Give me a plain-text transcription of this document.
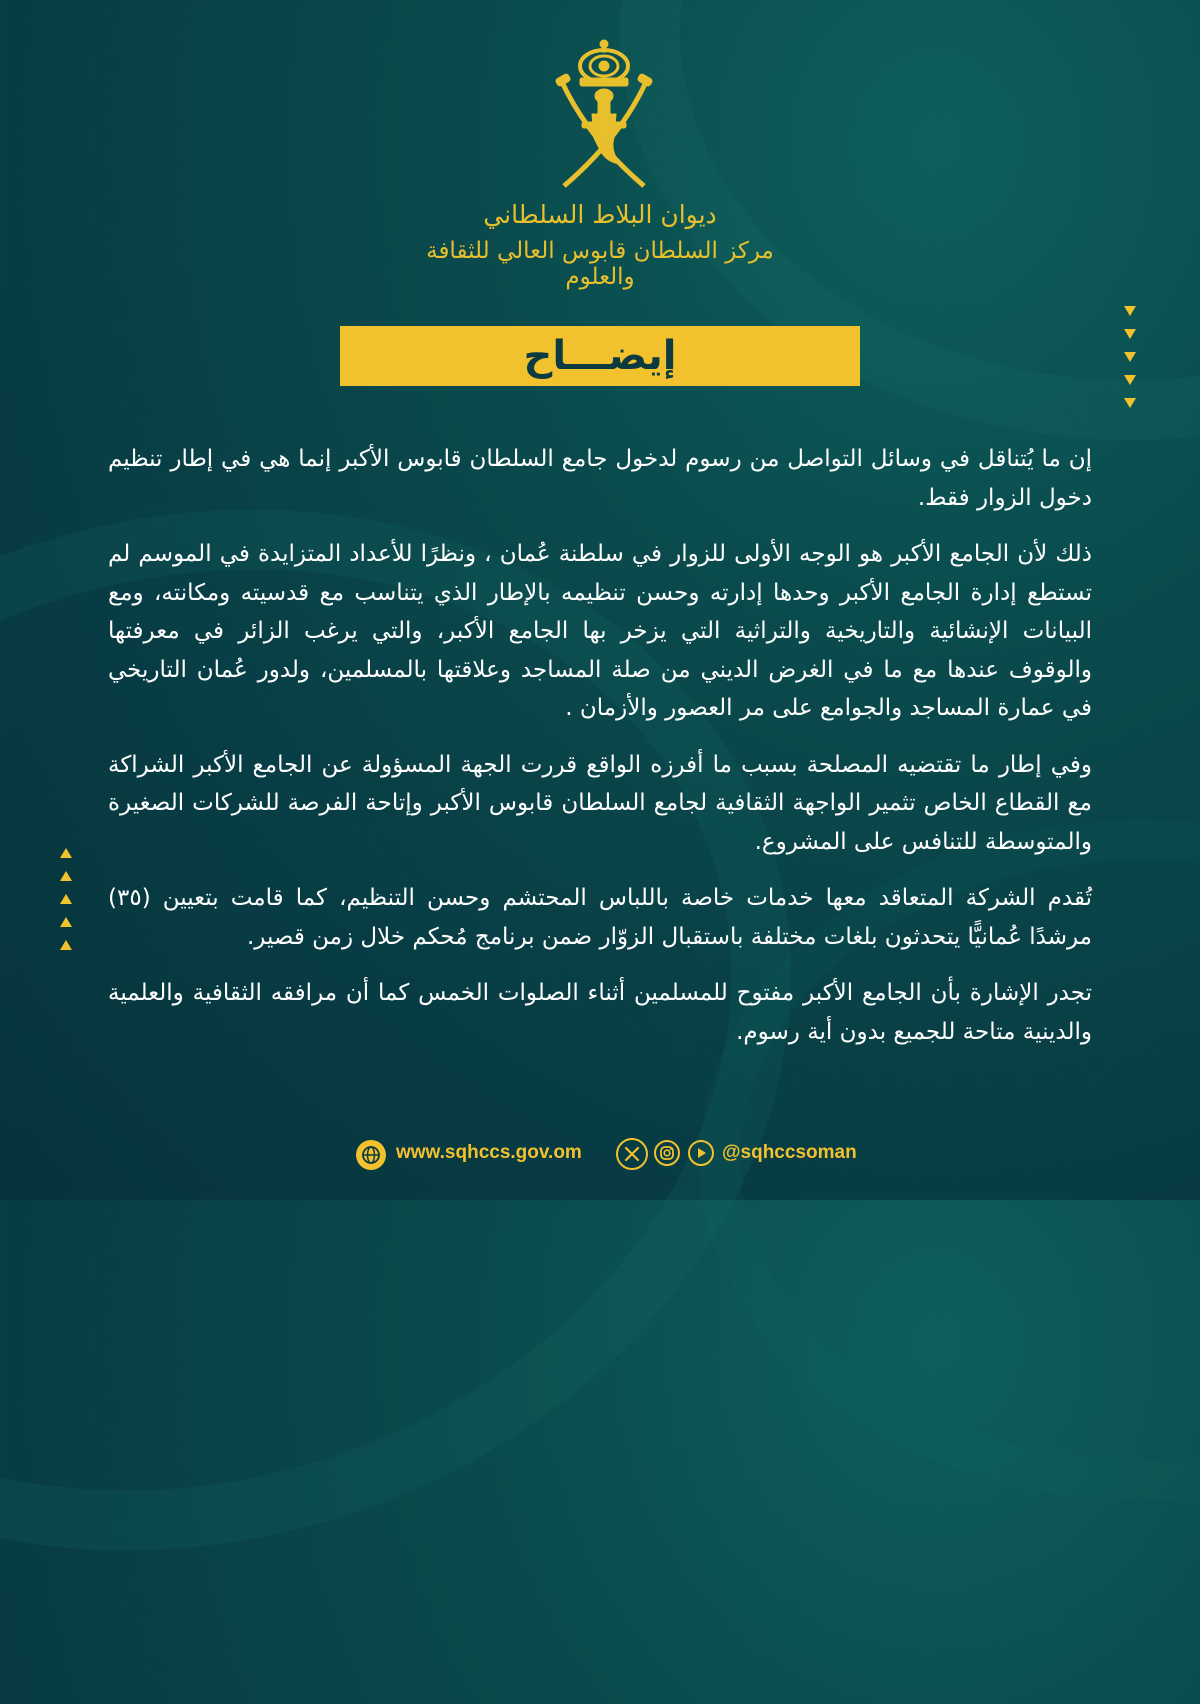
ديوان البلاط السلطاني
مركز السلطان قابوس العالي للثقافة والعلوم
إيضـــاح

إن ما يُتناقل في وسائل التواصل من رسوم لدخول جامع السلطان قابوس الأكبر إنما هي في إطار تنظيم دخول الزوار فقط.

ذلك لأن الجامع الأكبر هو الوجه الأولى للزوار في سلطنة عُمان ، ونظرًا للأعداد المتزايدة في الموسم لم تستطع إدارة الجامع الأكبر وحدها إدارته وحسن تنظيمه بالإطار الذي يتناسب مع قدسيته ومكانته، ومع البيانات الإنشائية والتاريخية والتراثية التي يزخر بها الجامع الأكبر، والتي يرغب الزائر في معرفتها والوقوف عندها مع ما في الغرض الديني من صلة المساجد وعلاقتها بالمسلمين، ولدور عُمان التاريخي في عمارة المساجد والجوامع على مر العصور والأزمان .

وفي إطار ما تقتضيه المصلحة بسبب ما أفرزه الواقع قررت الجهة المسؤولة عن الجامع الأكبر الشراكة مع القطاع الخاص تثمير الواجهة الثقافية لجامع السلطان قابوس الأكبر وإتاحة الفرصة للشركات الصغيرة والمتوسطة للتنافس على المشروع.

تُقدم الشركة المتعاقد معها خدمات خاصة باللباس المحتشم وحسن التنظيم، كما قامت بتعيين (٣٥) مرشدًا عُمانيًّا يتحدثون بلغات مختلفة باستقبال الزوّار ضمن برنامج مُحكم خلال زمن قصير.

تجدر الإشارة بأن الجامع الأكبر مفتوح للمسلمين أثناء الصلوات الخمس كما أن مرافقه الثقافية والعلمية والدينية متاحة للجميع بدون أية رسوم.

www.sqhccs.gov.om	@sqhccsoman
